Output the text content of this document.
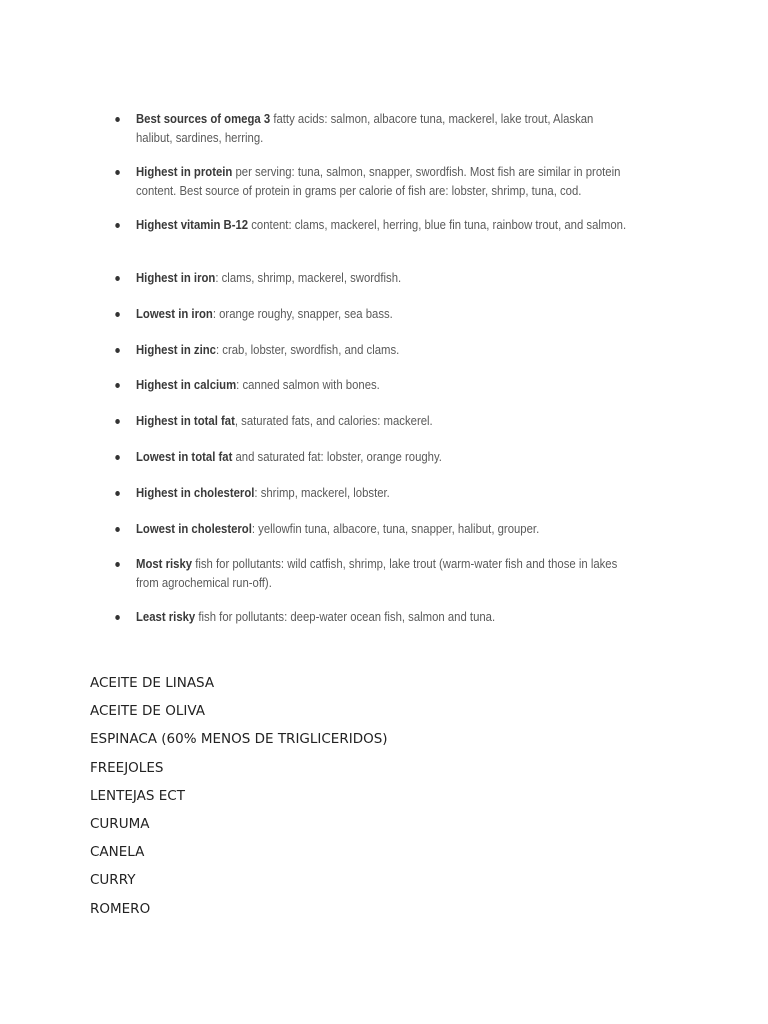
Best sources of omega 3 fatty acids: salmon, albacore tuna, mackerel, lake trout, Alaskan halibut, sardines, herring.
Highest in protein per serving: tuna, salmon, snapper, swordfish. Most fish are similar in protein content. Best source of protein in grams per calorie of fish are: lobster, shrimp, tuna, cod.
Highest vitamin B-12 content: clams, mackerel, herring, blue fin tuna, rainbow trout, and salmon.
Highest in iron: clams, shrimp, mackerel, swordfish.
Lowest in iron: orange roughy, snapper, sea bass.
Highest in zinc: crab, lobster, swordfish, and clams.
Highest in calcium: canned salmon with bones.
Highest in total fat, saturated fats, and calories: mackerel.
Lowest in total fat and saturated fat: lobster, orange roughy.
Highest in cholesterol: shrimp, mackerel, lobster.
Lowest in cholesterol: yellowfin tuna, albacore, tuna, snapper, halibut, grouper.
Most risky fish for pollutants: wild catfish, shrimp, lake trout (warm-water fish and those in lakes from agrochemical run-off).
Least risky fish for pollutants: deep-water ocean fish, salmon and tuna.
ACEITE DE LINASA
ACEITE DE OLIVA
ESPINACA (60% MENOS DE TRIGLICERIDOS)
FREEJOLES
LENTEJAS ECT
CURUMA
CANELA
CURRY
ROMERO
